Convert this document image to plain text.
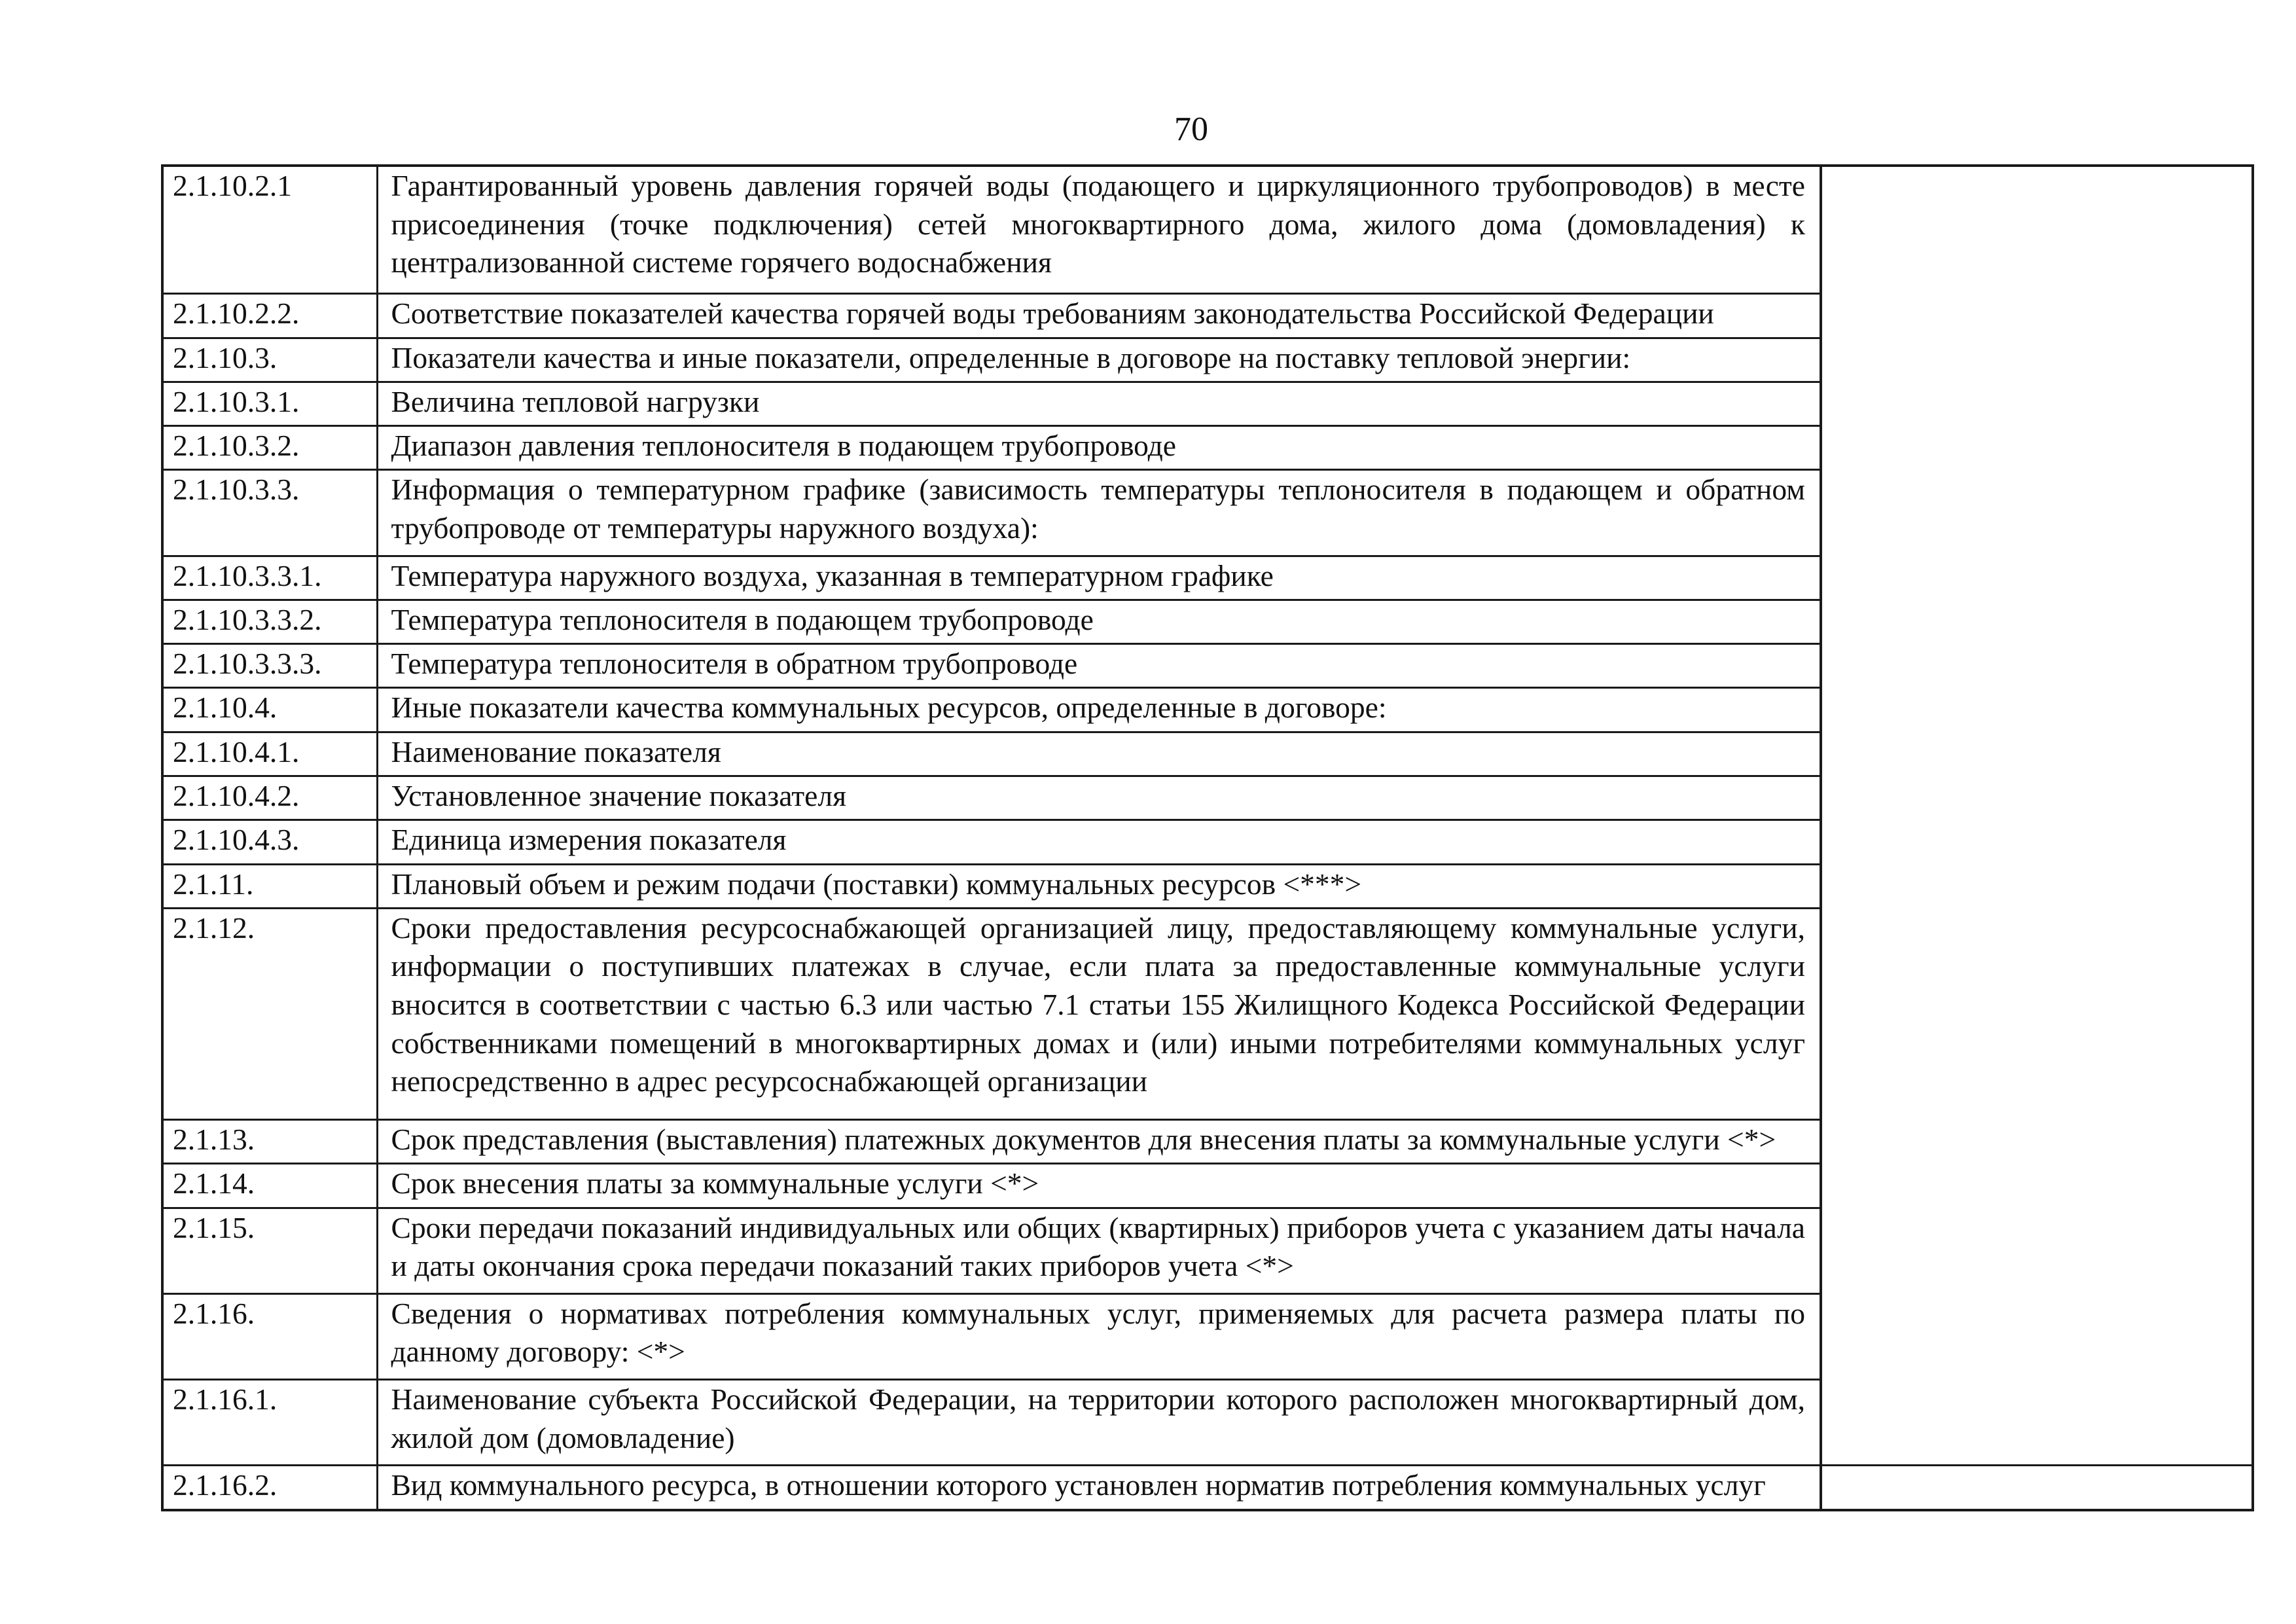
70
2.1.10.2.1	Гарантированный уровень давления горячей воды (подающего и циркуляционного трубопроводов) в месте присоединения (точке подключения) сетей многоквартирного дома, жилого дома (домовладения) к централизованной системе горячего водоснабжения	
2.1.10.2.2.	Соответствие показателей качества горячей воды требованиям законодательства Российской Федерации	
2.1.10.3.	Показатели качества и иные показатели, определенные в договоре на поставку тепловой энергии:	
2.1.10.3.1.	Величина тепловой нагрузки	
2.1.10.3.2.	Диапазон давления теплоносителя в подающем трубопроводе	
2.1.10.3.3.	Информация о температурном графике (зависимость температуры теплоносителя в подающем и обратном трубопроводе от температуры наружного воздуха):	
2.1.10.3.3.1.	Температура наружного воздуха, указанная в температурном графике	
2.1.10.3.3.2.	Температура теплоносителя в подающем трубопроводе	
2.1.10.3.3.3.	Температура теплоносителя в обратном трубопроводе	
2.1.10.4.	Иные показатели качества коммунальных ресурсов, определенные в договоре:	
2.1.10.4.1.	Наименование показателя	
2.1.10.4.2.	Установленное значение показателя	
2.1.10.4.3.	Единица измерения показателя	
2.1.11.	Плановый объем и режим подачи (поставки) коммунальных ресурсов <***>	
2.1.12.	Сроки предоставления ресурсоснабжающей организацией лицу, предоставляющему коммунальные услуги, информации о поступивших платежах в случае, если плата за предоставленные коммунальные услуги вносится в соответствии с частью 6.3 или частью 7.1 статьи 155 Жилищного Кодекса Российской Федерации собственниками помещений в многоквартирных домах и (или) иными потребителями коммунальных услуг непосредственно в адрес ресурсоснабжающей организации	
2.1.13.	Срок представления (выставления) платежных документов для внесения платы за коммунальные услуги <*>	
2.1.14.	Срок внесения платы за коммунальные услуги <*>	
2.1.15.	Сроки передачи показаний индивидуальных или общих (квартирных) приборов учета с указанием даты начала и даты окончания срока передачи показаний таких приборов учета <*>	
2.1.16.	Сведения о нормативах потребления коммунальных услуг, применяемых для расчета размера платы по данному договору: <*>	
2.1.16.1.	Наименование субъекта Российской Федерации, на территории которого расположен многоквартирный дом, жилой дом (домовладение)	
2.1.16.2.	Вид коммунального ресурса, в отношении которого установлен норматив потребления коммунальных услуг	
